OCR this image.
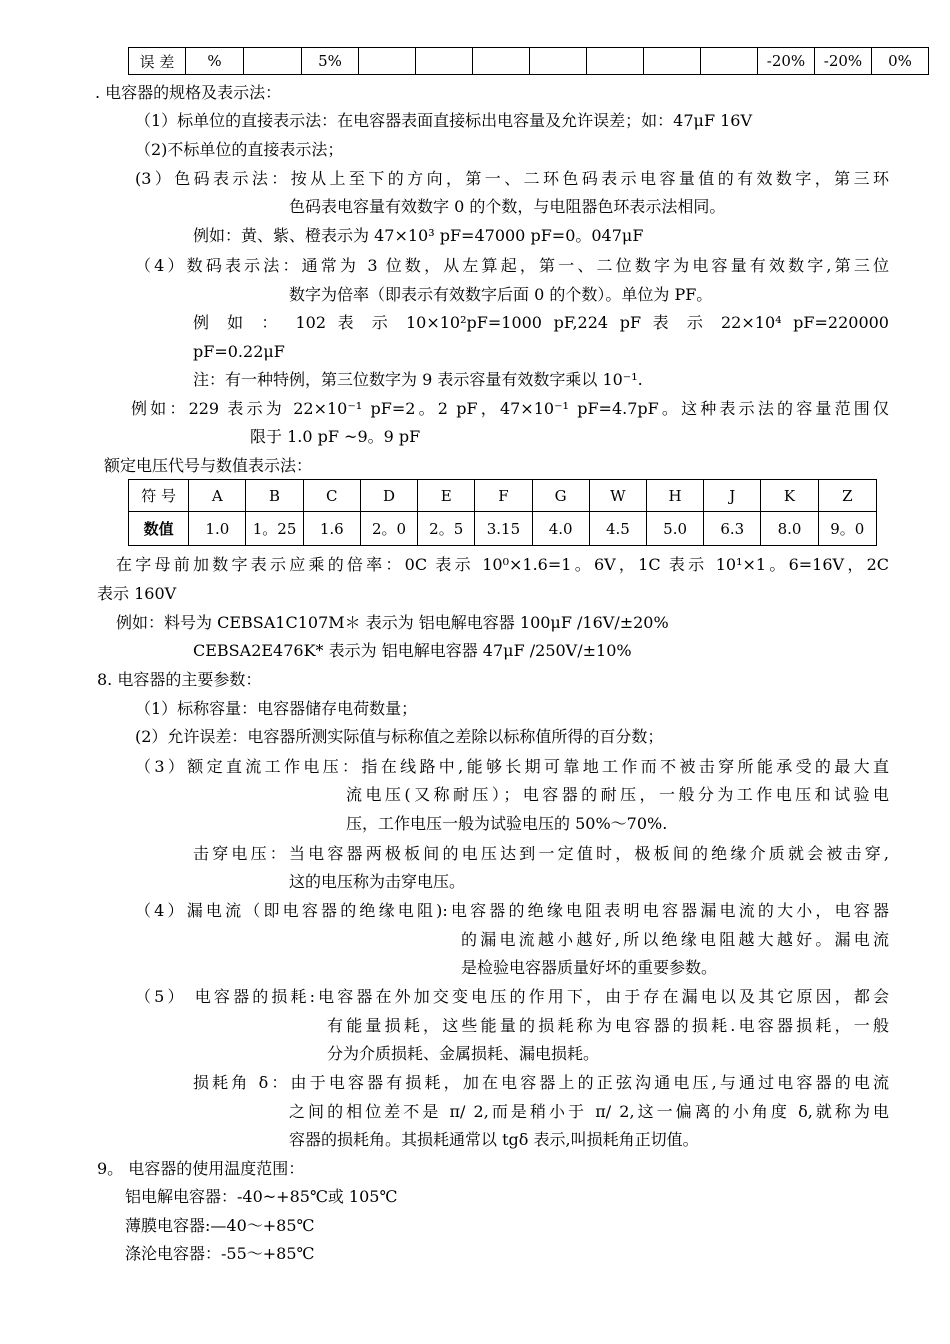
误 差	%		5%								-20%	-20%	0%
. 电容器的规格及表示法：
（1）标单位的直接表示法：在电容器表面直接标出电容量及允许误差；如：47μF 16V
（2)不标单位的直接表示法；
(3）色码表示法：按从上至下的方向，第一、二环色码表示电容量值的有效数字，第三环
色码表电容量有效数字 0 的个数，与电阻器色环表示法相同。
例如：黄、紫、橙表示为 47×10³ pF=47000 pF=0。047μF
（4）数码表示法：通常为 3 位数，从左算起，第一、二位数字为电容量有效数字,第三位
数字为倍率（即表示有效数字后面 0 的个数）。单位为 PF。
例 如 ： 102 表 示 10×10²pF=1000 pF,224 pF 表 示 22×10⁴ pF=220000
pF=0.22μF
注：有一种特例，第三位数字为 9 表示容量有效数字乘以 10⁻¹.
例如：229 表示为 22×10⁻¹ pF=2。2 pF，47×10⁻¹ pF=4.7pF。这种表示法的容量范围仅
限于 1.0 pF ~9。9 pF
额定电压代号与数值表示法：
符 号	A	B	C	D	E	F	G	W	H	J	K	Z
数值	1.0	1。25	1.6	2。0	2。5	3.15	4.0	4.5	5.0	6.3	8.0	9。0
在字母前加数字表示应乘的倍率：0C 表示 10⁰×1.6=1。6V，1C 表示 10¹×1。6=16V，2C
表示 160V
例如：料号为 CEBSA1C107M＊ 表示为 铝电解电容器 100μF /16V/±20%
CEBSA2E476K* 表示为 铝电解电容器 47μF /250V/±10%
8. 电容器的主要参数：
（1）标称容量：电容器储存电荷数量；
(2）允许误差：电容器所测实际值与标称值之差除以标称值所得的百分数；
（3）额定直流工作电压：指在线路中,能够长期可靠地工作而不被击穿所能承受的最大直
流电压(又称耐压）；电容器的耐压，一般分为工作电压和试验电
压，工作电压一般为试验电压的 50%～70%.
击穿电压：当电容器两极板间的电压达到一定值时，极板间的绝缘介质就会被击穿,
这的电压称为击穿电压。
（4）漏电流（即电容器的绝缘电阻):电容器的绝缘电阻表明电容器漏电流的大小，电容器
的漏电流越小越好,所以绝缘电阻越大越好。漏电流
是检验电容器质量好坏的重要参数。
（5） 电容器的损耗:电容器在外加交变电压的作用下，由于存在漏电以及其它原因，都会
有能量损耗，这些能量的损耗称为电容器的损耗.电容器损耗，一般
分为介质损耗、金属损耗、漏电损耗。
损耗角 δ：由于电容器有损耗，加在电容器上的正弦沟通电压,与通过电容器的电流
之间的相位差不是 π/ 2,而是稍小于 π/ 2,这一偏离的小角度 δ,就称为电
容器的损耗角。其损耗通常以 tgδ 表示,叫损耗角正切值。
9。 电容器的使用温度范围：
铝电解电容器：-40~+85℃或 105℃
薄膜电容器:—40～+85℃
涤沦电容器：-55～+85℃
